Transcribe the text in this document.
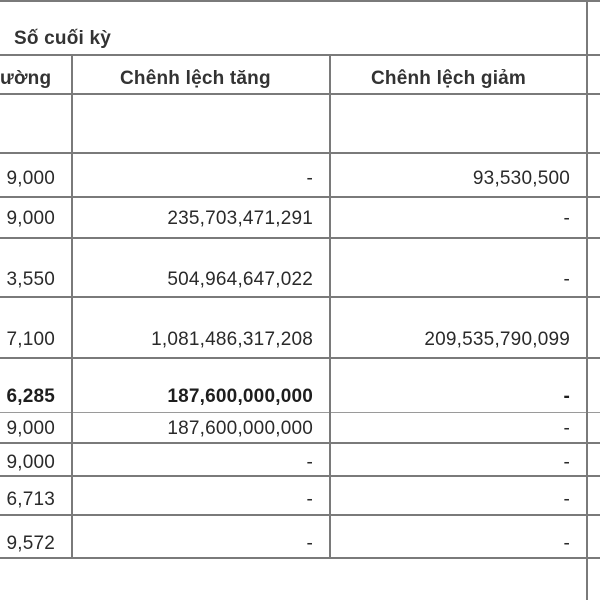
Số cuối kỳ
ường	Chênh lệch tăng	Chênh lệch giảm
9,000	-	93,530,500
9,000	235,703,471,291	-
3,550	504,964,647,022	-
7,100	1,081,486,317,208	209,535,790,099
6,285	187,600,000,000	-
9,000	187,600,000,000	-
9,000	-	-
6,713	-	-
9,572	-	-
